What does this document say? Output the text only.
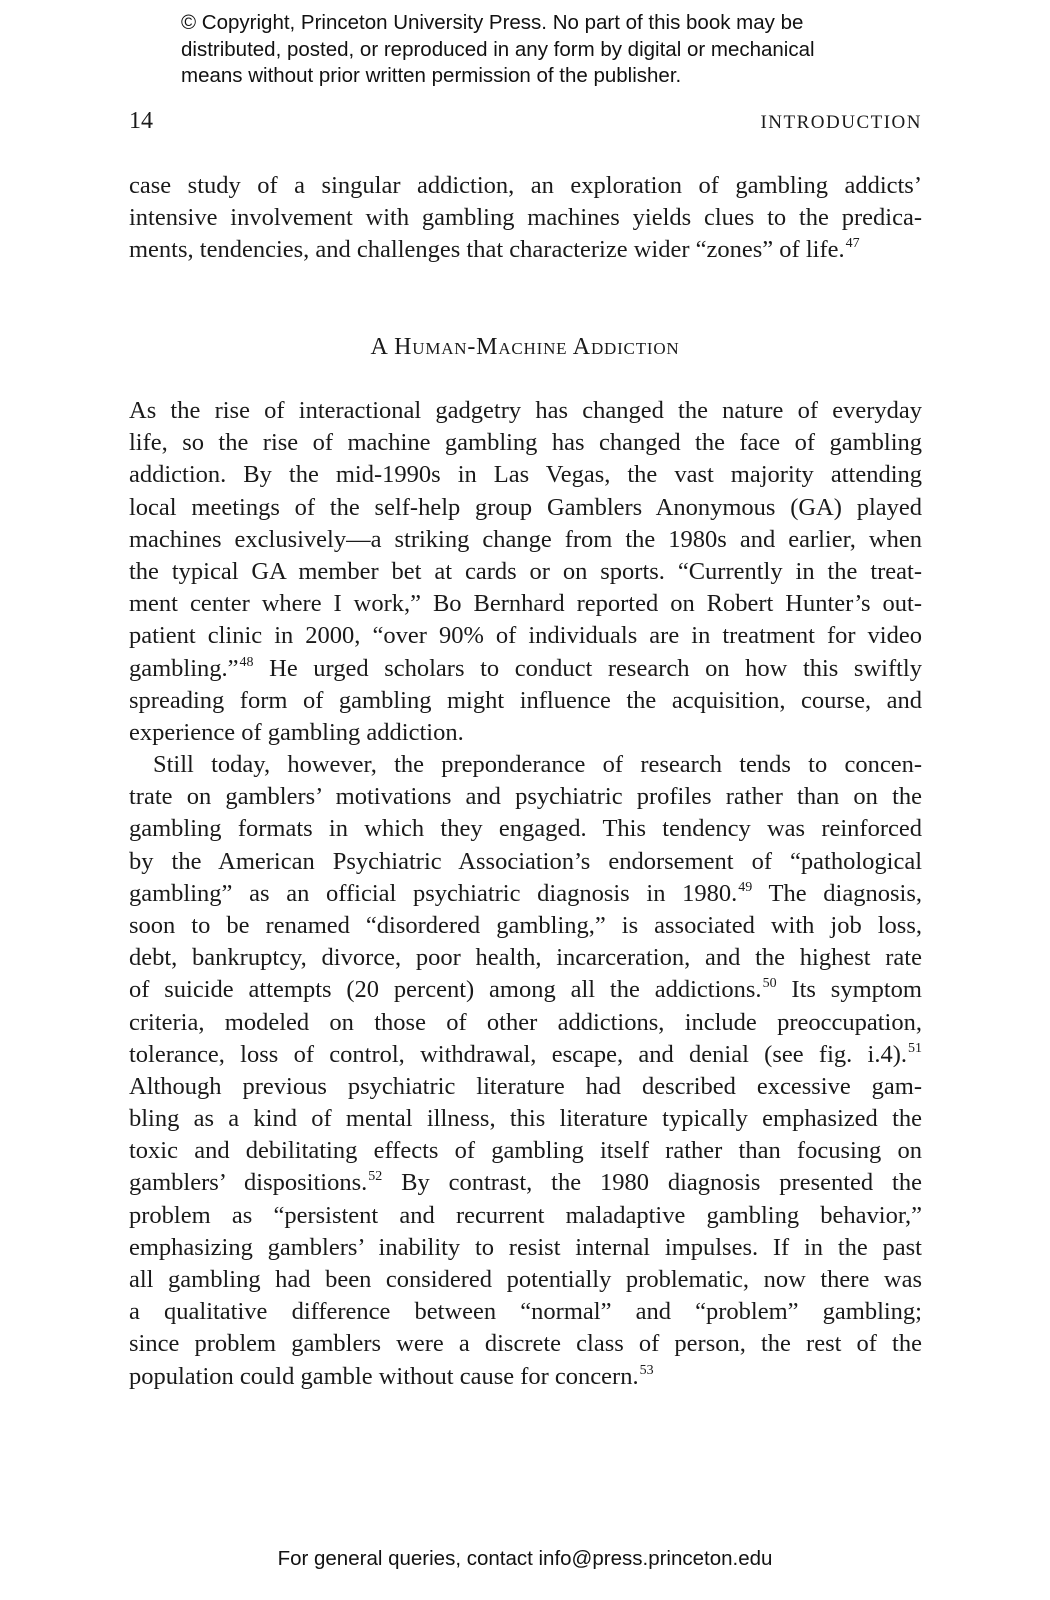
© Copyright, Princeton University Press. No part of this book may be
distributed, posted, or reproduced in any form by digital or mechanical
means without prior written permission of the publisher.
14	INTRODUCTION
case study of a singular addiction, an exploration of gambling addicts’
intensive involvement with gambling machines yields clues to the predica-
ments, tendencies, and challenges that characterize wider “zones” of life.$^{47}$
A Human-Machine Addiction
As the rise of interactional gadgetry has changed the nature of everyday
life, so the rise of machine gambling has changed the face of gambling
addiction. By the mid-1990s in Las Vegas, the vast majority attending
local meetings of the self-help group Gamblers Anonymous (GA) played
machines exclusively—a striking change from the 1980s and earlier, when
the typical GA member bet at cards or on sports. “Currently in the treat-
ment center where I work,” Bo Bernhard reported on Robert Hunter’s out-
patient clinic in 2000, “over 90% of individuals are in treatment for video
gambling.”$^{48}$ He urged scholars to conduct research on how this swiftly
spreading form of gambling might influence the acquisition, course, and
experience of gambling addiction.
Still today, however, the preponderance of research tends to concen-
trate on gamblers’ motivations and psychiatric profiles rather than on the
gambling formats in which they engaged. This tendency was reinforced
by the American Psychiatric Association’s endorsement of “pathological
gambling” as an official psychiatric diagnosis in 1980.49 The diagnosis,
soon to be renamed “disordered gambling,” is associated with job loss,
debt, bankruptcy, divorce, poor health, incarceration, and the highest rate
of suicide attempts (20 percent) among all the addictions.$^{50}$ Its symptom
criteria, modeled on those of other addictions, include preoccupation,
tolerance, loss of control, withdrawal, escape, and denial (see fig. i.4).$^{51}$
Although previous psychiatric literature had described excessive gam-
bling as a kind of mental illness, this literature typically emphasized the
toxic and debilitating effects of gambling itself rather than focusing on
gamblers’ dispositions.$^{52}$ By contrast, the 1980 diagnosis presented the
problem as “persistent and recurrent maladaptive gambling behavior,”
emphasizing gamblers’ inability to resist internal impulses. If in the past
all gambling had been considered potentially problematic, now there was
a qualitative difference between “normal” and “problem” gambling;
since problem gamblers were a discrete class of person, the rest of the
population could gamble without cause for concern.$^{53}$
For general queries, contact info@press.princeton.edu
